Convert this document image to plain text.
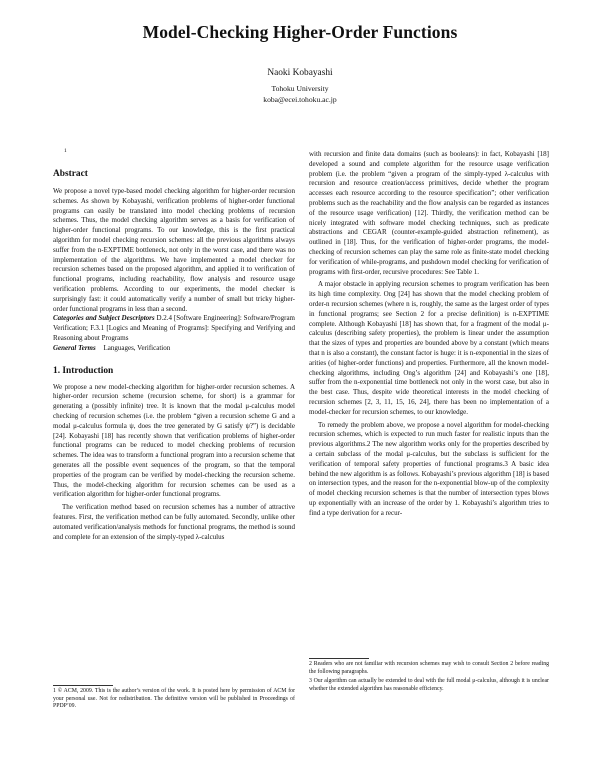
Model-Checking Higher-Order Functions
Naoki Kobayashi
Tohoku University
koba@ecei.tohoku.ac.jp
1
Abstract

We propose a novel type-based model checking algorithm for higher-order recursion schemes. As shown by Kobayashi, verification problems of higher-order functional programs can easily be translated into model checking problems of recursion schemes. Thus, the model checking algorithm serves as a basis for verification of higher-order functional programs. To our knowledge, this is the first practical algorithm for model checking recursion schemes: all the previous algorithms always suffer from the n-EXPTIME bottleneck, not only in the worst case, and there was no implementation of the algorithms. We have implemented a model checker for recursion schemes based on the proposed algorithm, and applied it to verification of functional programs, including reachability, flow analysis and resource usage verification problems. According to our experiments, the model checker is surprisingly fast: it could automatically verify a number of small but tricky higher-order functional programs in less than a second.

Categories and Subject Descriptors D.2.4 [Software Engineering]: Software/Program Verification; F.3.1 [Logics and Meaning of Programs]: Specifying and Verifying and Reasoning about Programs

General Terms Languages, Verification

1. Introduction

We propose a new model-checking algorithm for higher-order recursion schemes. A higher-order recursion scheme (recursion scheme, for short) is a grammar for generating a (possibly infinite) tree. It is known that the modal μ-calculus model checking of recursion schemes (i.e. the problem “given a recursion scheme G and a modal μ-calculus formula ψ, does the tree generated by G satisfy ψ?”) is decidable [24]. Kobayashi [18] has recently shown that verification problems of higher-order functional programs can be reduced to model checking problems of recursion schemes. The idea was to transform a functional program into a recursion scheme that generates all the possible event sequences of the program, so that the temporal properties of the program can be verified by model-checking the recursion scheme. Thus, the model-checking algorithm for recursion schemes can be used as a verification algorithm for higher-order functional programs.

The verification method based on recursion schemes has a number of attractive features. First, the verification method can be fully automated. Secondly, unlike other automated verification/analysis methods for functional programs, the method is sound and complete for an extension of the simply-typed λ-calculus

with recursion and finite data domains (such as booleans): in fact, Kobayashi [18] developed a sound and complete algorithm for the resource usage verification problem (i.e. the problem “given a program of the simply-typed λ-calculus with recursion and resource creation/access primitives, decide whether the program accesses each resource according to the resource specification”; other verification problems such as the reachability and the flow analysis can be regarded as instances of the resource usage verification) [12]. Thirdly, the verification method can be nicely integrated with software model checking techniques, such as predicate abstractions and CEGAR (counter-example-guided abstraction refinement), as outlined in [18]. Thus, for the verification of higher-order programs, the model-checking of recursion schemes can play the same role as finite-state model checking for verification of while-programs, and pushdown model checking for verification of programs with first-order, recursive procedures: See Table 1.

A major obstacle in applying recursion schemes to program verification has been its high time complexity. Ong [24] has shown that the model checking problem of order-n recursion schemes (where n is, roughly, the same as the largest order of types in functional programs; see Section 2 for a precise definition) is n-EXPTIME complete. Although Kobayashi [18] has shown that, for a fragment of the modal μ-calculus (describing safety properties), the problem is linear under the assumption that the sizes of types and properties are bounded above by a constant (which means that n is also a constant), the constant factor is huge: it is n-exponential in the sizes of arities (of higher-order functions) and properties. Furthermore, all the known model-checking algorithms, including Ong’s algorithm [24] and Kobayashi’s one [18], suffer from the n-exponential time bottleneck not only in the worst case, but also in the best case. Thus, despite wide theoretical interests in the model checking of recursion schemes [2, 3, 11, 15, 16, 24], there has been no implementation of a model-checker for recursion schemes, to our knowledge.

To remedy the problem above, we propose a novel algorithm for model-checking recursion schemes, which is expected to run much faster for realistic inputs than the previous algorithms.2 The new algorithm works only for the properties described by a certain subclass of the modal μ-calculus, but the subclass is sufficient for the verification of temporal safety properties of functional programs.3 A basic idea behind the new algorithm is as follows. Kobayashi’s previous algorithm [18] is based on intersection types, and the reason for the n-exponential blow-up of the complexity of model checking recursion schemes is that the number of intersection types blows up exponentially with an increase of the order by 1. Kobayashi’s algorithm tries to find a type derivation for a recur-

1 © ACM, 2009. This is the author’s version of the work. It is posted here by permission of ACM for your personal use. Not for redistribution. The definitive version will be published in Proceedings of PPDP’09.

2 Readers who are not familiar with recursion schemes may wish to consult Section 2 before reading the following paragraphs.

3 Our algorithm can actually be extended to deal with the full modal μ-calculus, although it is unclear whether the extended algorithm has reasonable efficiency.
